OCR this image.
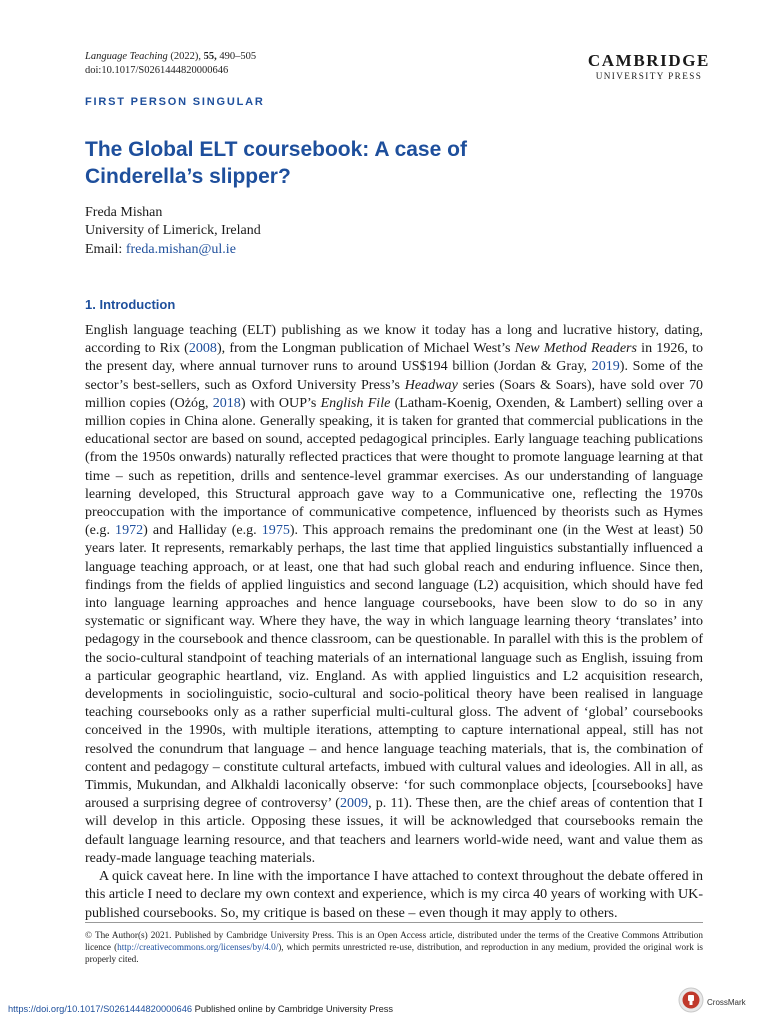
Language Teaching (2022), 55, 490–505
doi:10.1017/S0261444820000646
CAMBRIDGE
UNIVERSITY PRESS
FIRST PERSON SINGULAR
The Global ELT coursebook: A case of
Cinderella’s slipper?
Freda Mishan
University of Limerick, Ireland
Email: freda.mishan@ul.ie
1. Introduction

English language teaching (ELT) publishing as we know it today has a long and lucrative history, dating, according to Rix (2008), from the Longman publication of Michael West’s New Method Readers in 1926, to the present day, where annual turnover runs to around US$194 billion (Jordan & Gray, 2019). Some of the sector’s best-sellers, such as Oxford University Press’s Headway series (Soars & Soars), have sold over 70 million copies (Ożóg, 2018) with OUP’s English File (Latham-Koenig, Oxenden, & Lambert) selling over a million copies in China alone. Generally speaking, it is taken for granted that commercial publications in the educational sector are based on sound, accepted pedagogical principles. Early language teaching publications (from the 1950s onwards) naturally reflected practices that were thought to promote language learning at that time – such as repetition, drills and sentence-level grammar exercises. As our understanding of language learning developed, this Structural approach gave way to a Communicative one, reflecting the 1970s preoccupation with the importance of communicative competence, influenced by theorists such as Hymes (e.g. 1972) and Halliday (e.g. 1975). This approach remains the predominant one (in the West at least) 50 years later. It represents, remarkably perhaps, the last time that applied linguistics substantially influenced a language teaching approach, or at least, one that had such global reach and enduring influence. Since then, findings from the fields of applied linguistics and second language (L2) acquisition, which should have fed into language learning approaches and hence language coursebooks, have been slow to do so in any systematic or significant way. Where they have, the way in which language learning theory ‘translates’ into pedagogy in the coursebook and thence classroom, can be questionable. In parallel with this is the problem of the socio-cultural standpoint of teaching materials of an international language such as English, issuing from a particular geographic heartland, viz. England. As with applied linguistics and L2 acquisition research, developments in sociolinguistic, socio-cultural and socio-political theory have been realised in language teaching coursebooks only as a rather superficial multi-cultural gloss. The advent of ‘global’ coursebooks conceived in the 1990s, with multiple iterations, attempting to capture international appeal, still has not resolved the conundrum that language – and hence language teaching materials, that is, the combination of content and pedagogy – constitute cultural artefacts, imbued with cultural values and ideologies. All in all, as Timmis, Mukundan, and Alkhaldi laconically observe: ‘for such commonplace objects, [coursebooks] have aroused a surprising degree of controversy’ (2009, p. 11). These then, are the chief areas of contention that I will develop in this article. Opposing these issues, it will be acknowledged that coursebooks remain the default language learning resource, and that teachers and learners world-wide need, want and value them as ready-made language teaching materials.

A quick caveat here. In line with the importance I have attached to context throughout the debate offered in this article I need to declare my own context and experience, which is my circa 40 years of working with UK-published coursebooks. So, my critique is based on these – even though it may apply to others.

© The Author(s) 2021. Published by Cambridge University Press. This is an Open Access article, distributed under the terms of the Creative Commons Attribution licence (http://creativecommons.org/licenses/by/4.0/), which permits unrestricted re-use, distribution, and reproduction in any medium, provided the original work is properly cited.
https://doi.org/10.1017/S0261444820000646 Published online by Cambridge University Press
CrossMark
